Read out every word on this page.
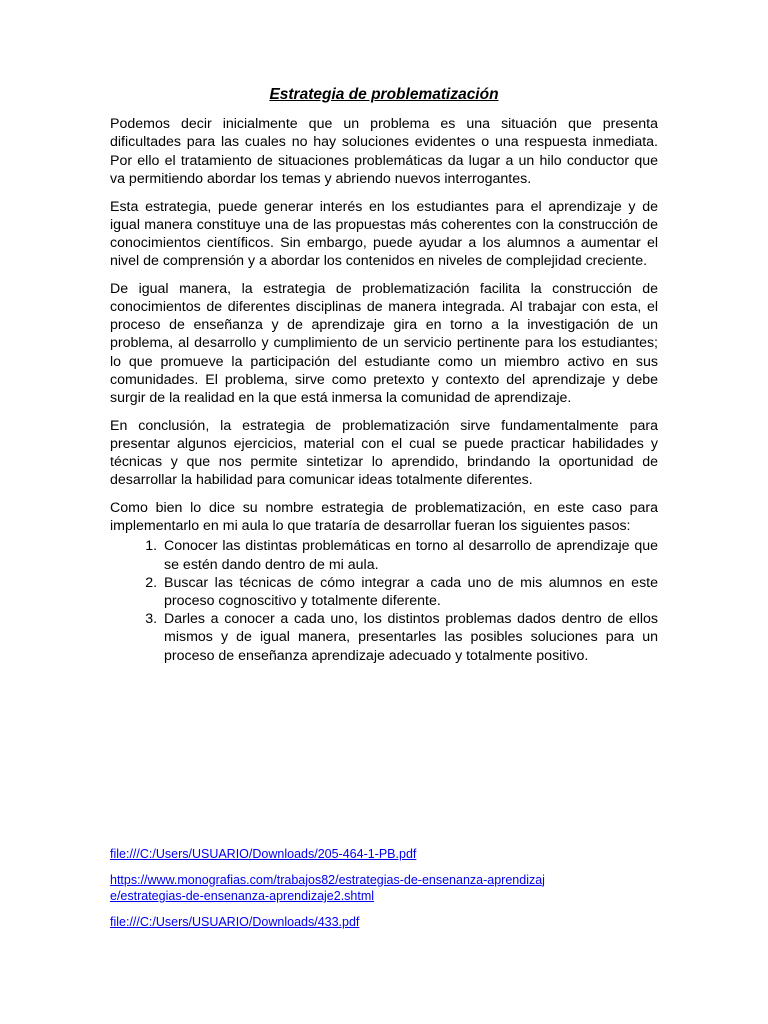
Estrategia de problematización

Podemos decir inicialmente que un problema es una situación que presenta dificultades para las cuales no hay soluciones evidentes o una respuesta inmediata. Por ello el tratamiento de situaciones problemáticas da lugar a un hilo conductor que va permitiendo abordar los temas y abriendo nuevos interrogantes.

Esta estrategia, puede generar interés en los estudiantes para el aprendizaje y de igual manera constituye una de las propuestas más coherentes con la construcción de conocimientos científicos. Sin embargo, puede ayudar a los alumnos a aumentar el nivel de comprensión y a abordar los contenidos en niveles de complejidad creciente.

De igual manera, la estrategia de problematización facilita la construcción de conocimientos de diferentes disciplinas de manera integrada. Al trabajar con esta, el proceso de enseñanza y de aprendizaje gira en torno a la investigación de un problema, al desarrollo y cumplimiento de un servicio pertinente para los estudiantes; lo que promueve la participación del estudiante como un miembro activo en sus comunidades. El problema, sirve como pretexto y contexto del aprendizaje y debe surgir de la realidad en la que está inmersa la comunidad de aprendizaje.

En conclusión, la estrategia de problematización sirve fundamentalmente para presentar algunos ejercicios, material con el cual se puede practicar habilidades y técnicas y que nos permite sintetizar lo aprendido, brindando la oportunidad de desarrollar la habilidad para comunicar ideas totalmente diferentes.

Como bien lo dice su nombre estrategia de problematización, en este caso para implementarlo en mi aula lo que trataría de desarrollar fueran los siguientes pasos:

1. Conocer las distintas problemáticas en torno al desarrollo de aprendizaje que se estén dando dentro de mi aula.
2. Buscar las técnicas de cómo integrar a cada uno de mis alumnos en este proceso cognoscitivo y totalmente diferente.
3. Darles a conocer a cada uno, los distintos problemas dados dentro de ellos mismos y de igual manera, presentarles las posibles soluciones para un proceso de enseñanza aprendizaje adecuado y totalmente positivo.
file:///C:/Users/USUARIO/Downloads/205-464-1-PB.pdf
https://www.monografias.com/trabajos82/estrategias-de-ensenanza-aprendizaje/estrategias-de-ensenanza-aprendizaje2.shtml
file:///C:/Users/USUARIO/Downloads/433.pdf
